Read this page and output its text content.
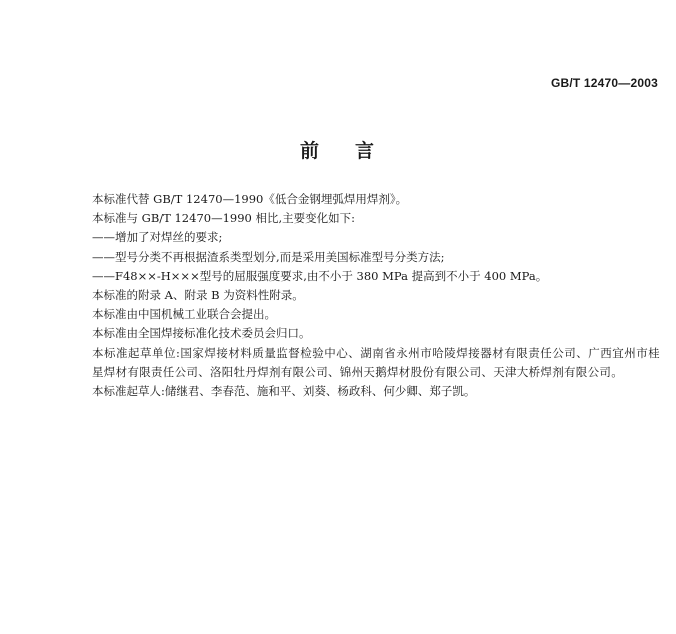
GB/T 12470—2003
前 言

本标准代替 GB/T 12470—1990《低合金钢埋弧焊用焊剂》。

本标准与 GB/T 12470—1990 相比,主要变化如下:

——增加了对焊丝的要求;

——型号分类不再根据渣系类型划分,而是采用美国标准型号分类方法;

——F48××-H×××型号的屈服强度要求,由不小于 380 MPa 提高到不小于 400 MPa。

本标准的附录 A、附录 B 为资料性附录。

本标准由中国机械工业联合会提出。

本标准由全国焊接标准化技术委员会归口。

本标准起草单位:国家焊接材料质量监督检验中心、湖南省永州市哈陵焊接器材有限责任公司、广西宜州市桂星焊材有限责任公司、洛阳牡丹焊剂有限公司、锦州天鹅焊材股份有限公司、天津大桥焊剂有限公司。

本标准起草人:储继君、李春范、施和平、刘葵、杨政科、何少卿、郑子凯。
